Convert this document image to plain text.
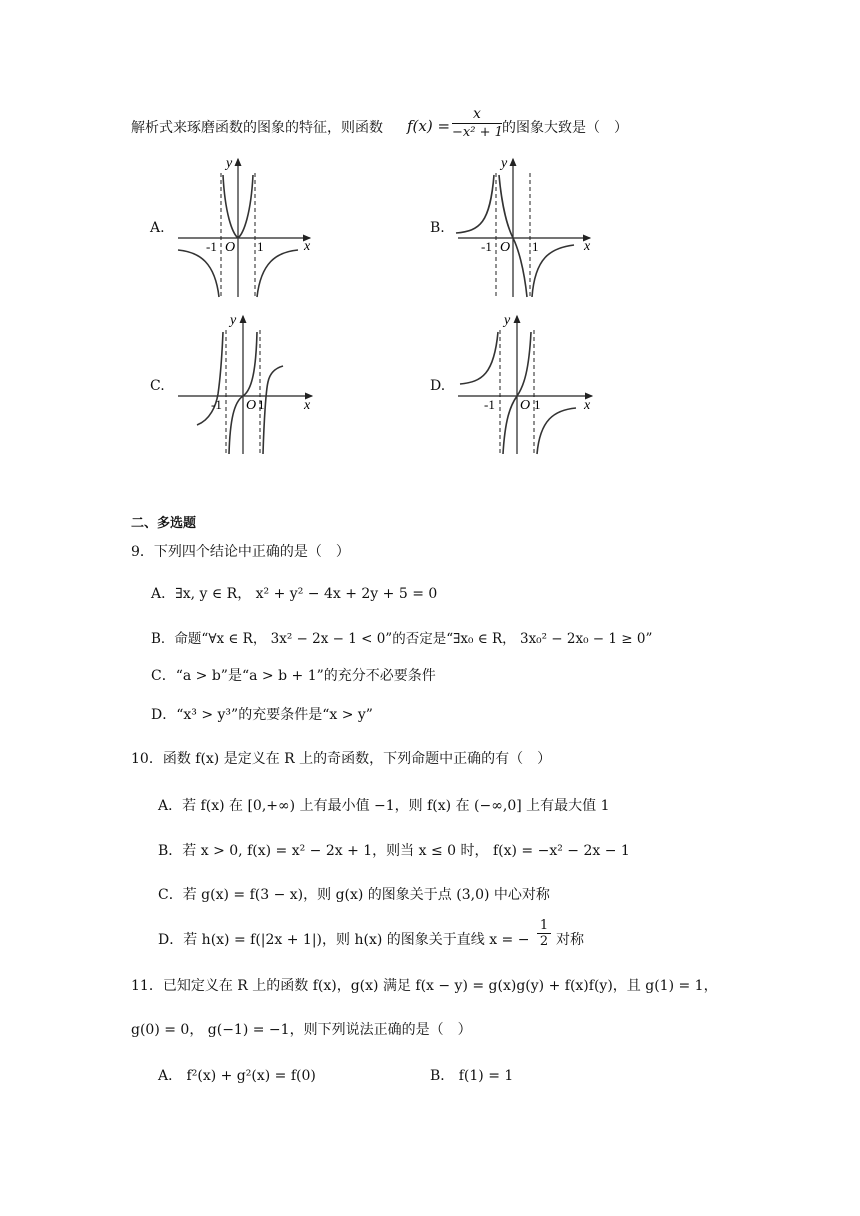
解析式来琢磨函数的图象的特征，则函数 f(x) =
x
−x² + 1 的图象大致是（　）
A.	B.
C.	D.
y
x
O
-1	1
y
x
O
-1	1
y
x
O
-1	1
y
x
O
-1	1
二、多选题
9．下列四个结论中正确的是（　）
A．∃x, y ∈ R， x² + y² − 4x + 2y + 5 = 0
B．命题“∀x ∈ R， 3x² − 2x − 1 < 0”的否定是“∃x₀ ∈ R， 3x₀² − 2x₀ − 1 ≥ 0”
C．“a > b”是“a > b + 1”的充分不必要条件
D．“x³ > y³”的充要条件是“x > y”
10．函数 f(x) 是定义在 R 上的奇函数，下列命题中正确的有（　）
A．若 f(x) 在 [0,+∞) 上有最小值 −1，则 f(x) 在 (−∞,0] 上有最大值 1
B．若 x > 0, f(x) = x² − 2x + 1，则当 x ≤ 0 时， f(x) = −x² − 2x − 1
C．若 g(x) = f(3 − x)，则 g(x) 的图象关于点 (3,0) 中心对称
D．若 h(x) = f(|2x + 1|)，则 h(x) 的图象关于直线 x = −
1
2 对称
11．已知定义在 R 上的函数 f(x)，g(x) 满足 f(x − y) = g(x)g(y) + f(x)f(y)，且 g(1) = 1，
g(0) = 0， g(−1) = −1，则下列说法正确的是（　）
A． f²(x) + g²(x) = f(0)	B． f(1) = 1
